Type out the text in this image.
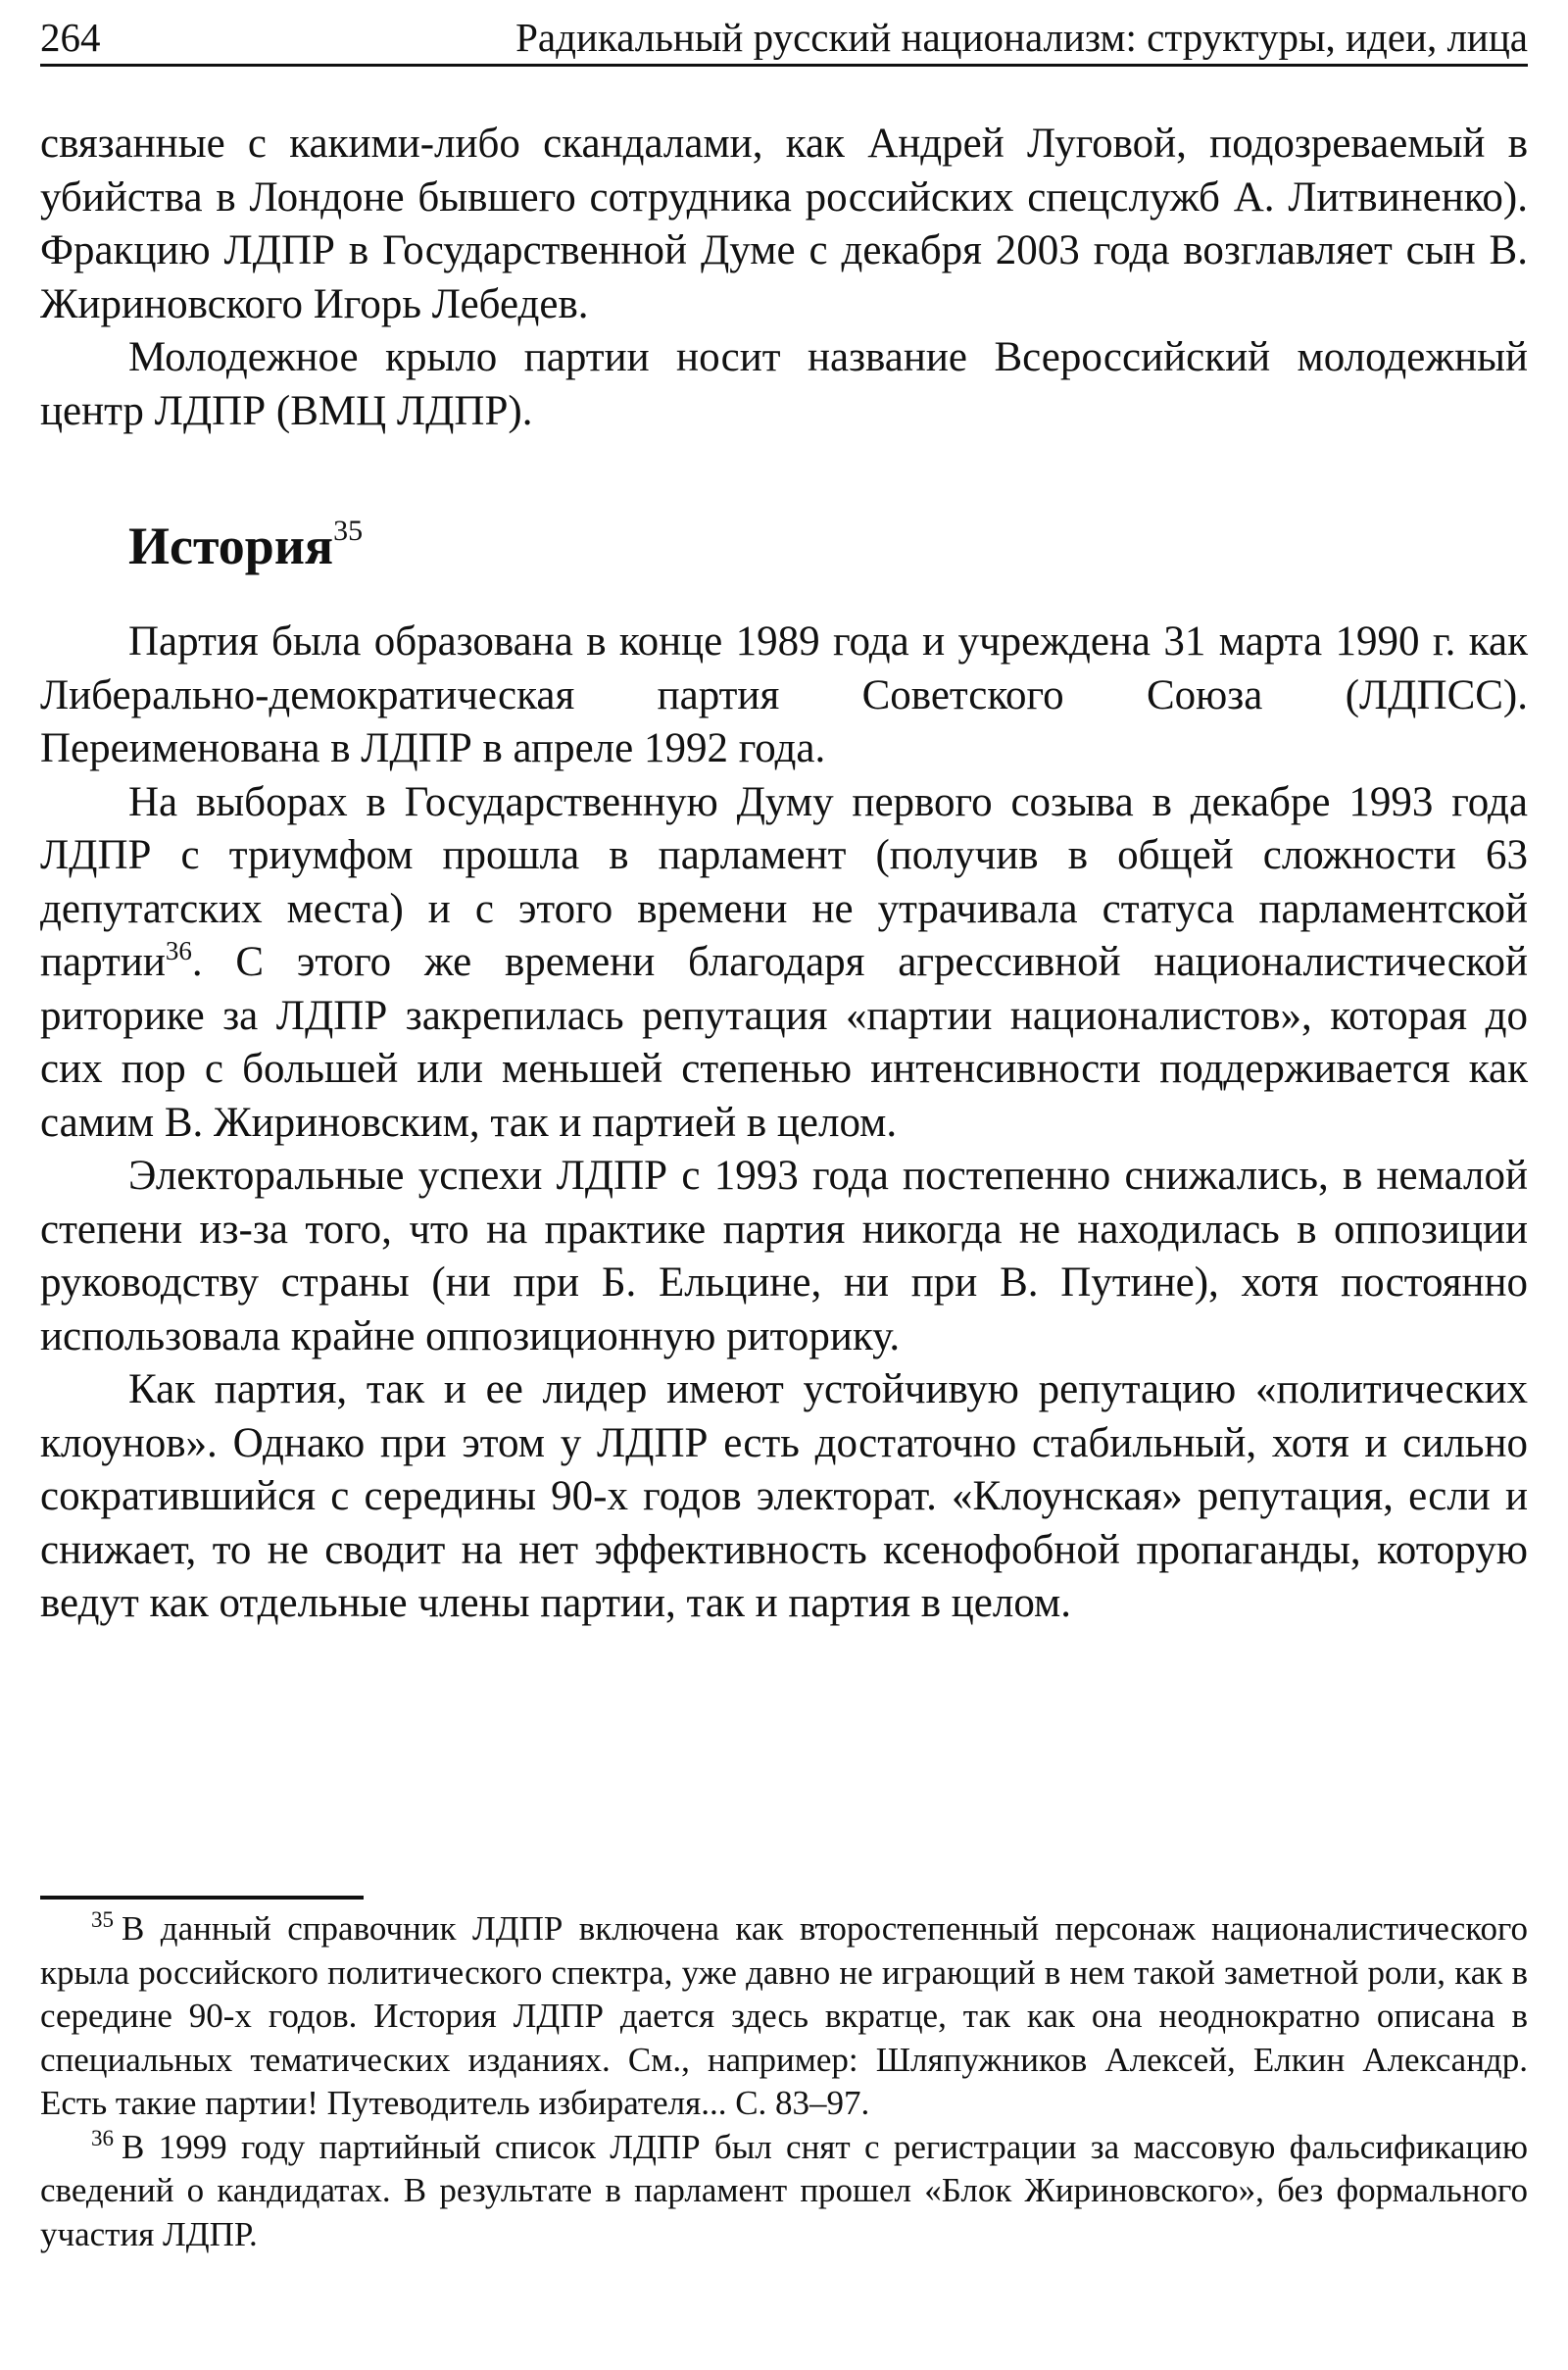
264	Радикальный русский национализм: структуры, идеи, лица

связанные с какими-либо скандалами, как Андрей Луговой, подозреваемый в убийства в Лондоне бывшего сотрудника российских спецслужб А. Литвиненко). Фракцию ЛДПР в Государственной Думе с декабря 2003 года возглавляет сын В. Жириновского Игорь Лебедев.

Молодежное крыло партии носит название Всероссийский молодежный центр ЛДПР (ВМЦ ЛДПР).

История$^{35}$

Партия была образована в конце 1989 года и учреждена 31 марта 1990 г. как Либерально-демократическая партия Советского Союза (ЛДПСС). Переименована в ЛДПР в апреле 1992 года.

На выборах в Государственную Думу первого созыва в декабре 1993 года ЛДПР с триумфом прошла в парламент (получив в общей сложности 63 депутатских места) и с этого времени не утрачивала статуса парламентской партии$^{36}$. С этого же времени благодаря агрессивной националистической риторике за ЛДПР закрепилась репутация «партии националистов», которая до сих пор с большей или меньшей степенью интенсивности поддерживается как самим В. Жириновским, так и партией в целом.

Электоральные успехи ЛДПР с 1993 года постепенно снижались, в немалой степени из-за того, что на практике партия никогда не находилась в оппозиции руководству страны (ни при Б. Ельцине, ни при В. Путине), хотя постоянно использовала крайне оппозиционную риторику.

Как партия, так и ее лидер имеют устойчивую репутацию «политических клоунов». Однако при этом у ЛДПР есть достаточно стабильный, хотя и сильно сократившийся с середины 90-х годов электорат. «Клоунская» репутация, если и снижает, то не сводит на нет эффективность ксенофобной пропаганды, которую ведут как отдельные члены партии, так и партия в целом.

$^{35}$ В данный справочник ЛДПР включена как второстепенный персонаж националистического крыла российского политического спектра, уже давно не играющий в нем такой заметной роли, как в середине 90-х годов. История ЛДПР дается здесь вкратце, так как она неоднократно описана в специальных тематических изданиях. См., например: Шляпужников Алексей, Елкин Александр. Есть такие партии! Путеводитель избирателя... С. 83–97.

$^{36}$ В 1999 году партийный список ЛДПР был снят с регистрации за массовую фальсификацию сведений о кандидатах. В результате в парламент прошел «Блок Жириновского», без формального участия ЛДПР.
